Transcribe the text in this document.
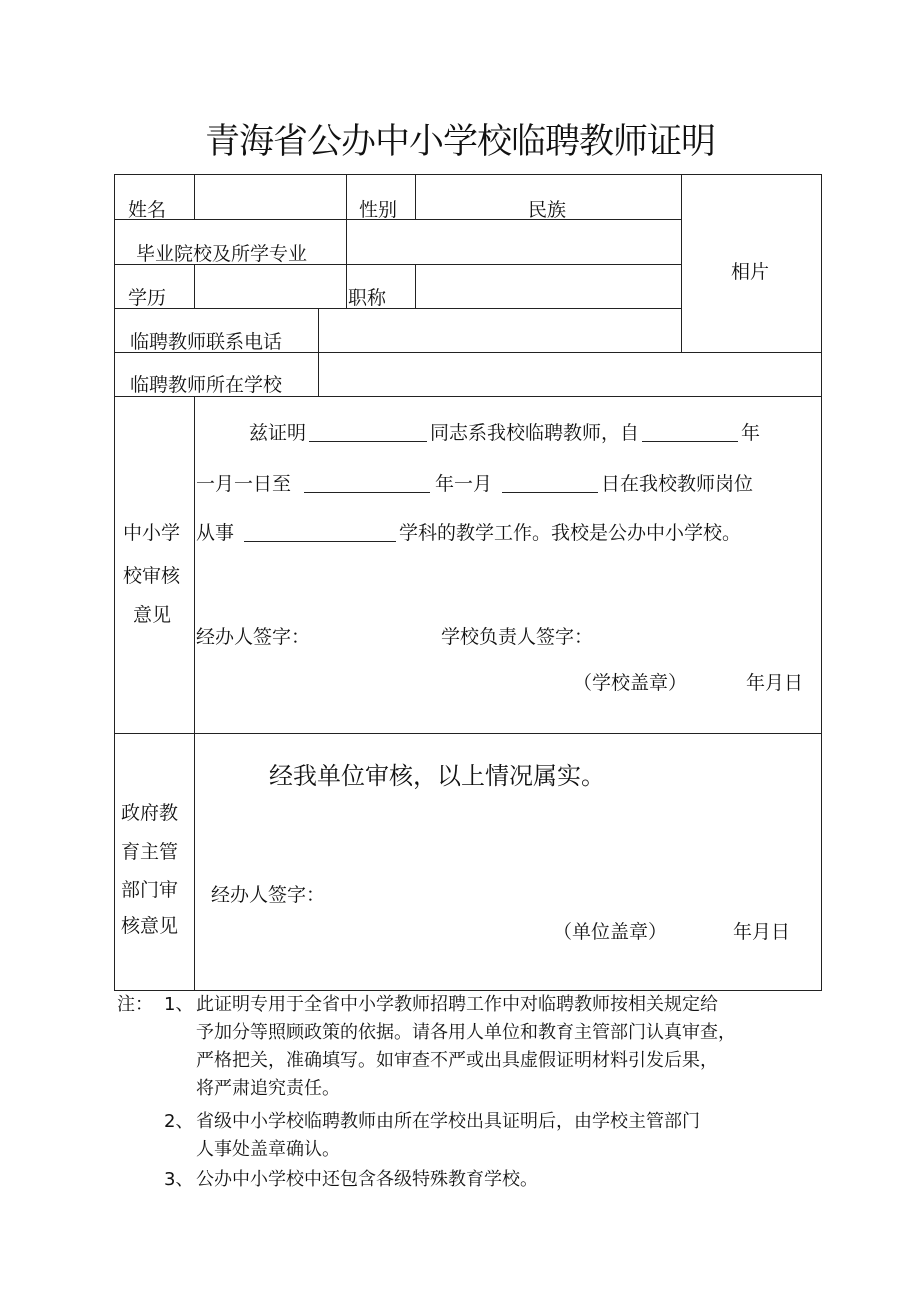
青海省公办中小学校临聘教师证明
姓名	性别	民族
相片
毕业院校及所学专业
学历	职称
临聘教师联系电话
临聘教师所在学校
中小学
校审核
意见
兹证明	同志系我校临聘教师，自	年
一月一日至	年一月	日在我校教师岗位
从事	学科的教学工作。我校是公办中小学校。
经办人签字：	学校负责人签字：
（学校盖章）	年月日
政府教
育主管
部门审
核意见
经我单位审核，以上情况属实。
经办人签字：
（单位盖章）	年月日
注： 1、 此证明专用于全省中小学教师招聘工作中对临聘教师按相关规定给
予加分等照顾政策的依据。请各用人单位和教育主管部门认真审查，
严格把关，准确填写。如审查不严或出具虚假证明材料引发后果，
将严肃追究责任。
2、 省级中小学校临聘教师由所在学校出具证明后，由学校主管部门
人事处盖章确认。
3、 公办中小学校中还包含各级特殊教育学校。
